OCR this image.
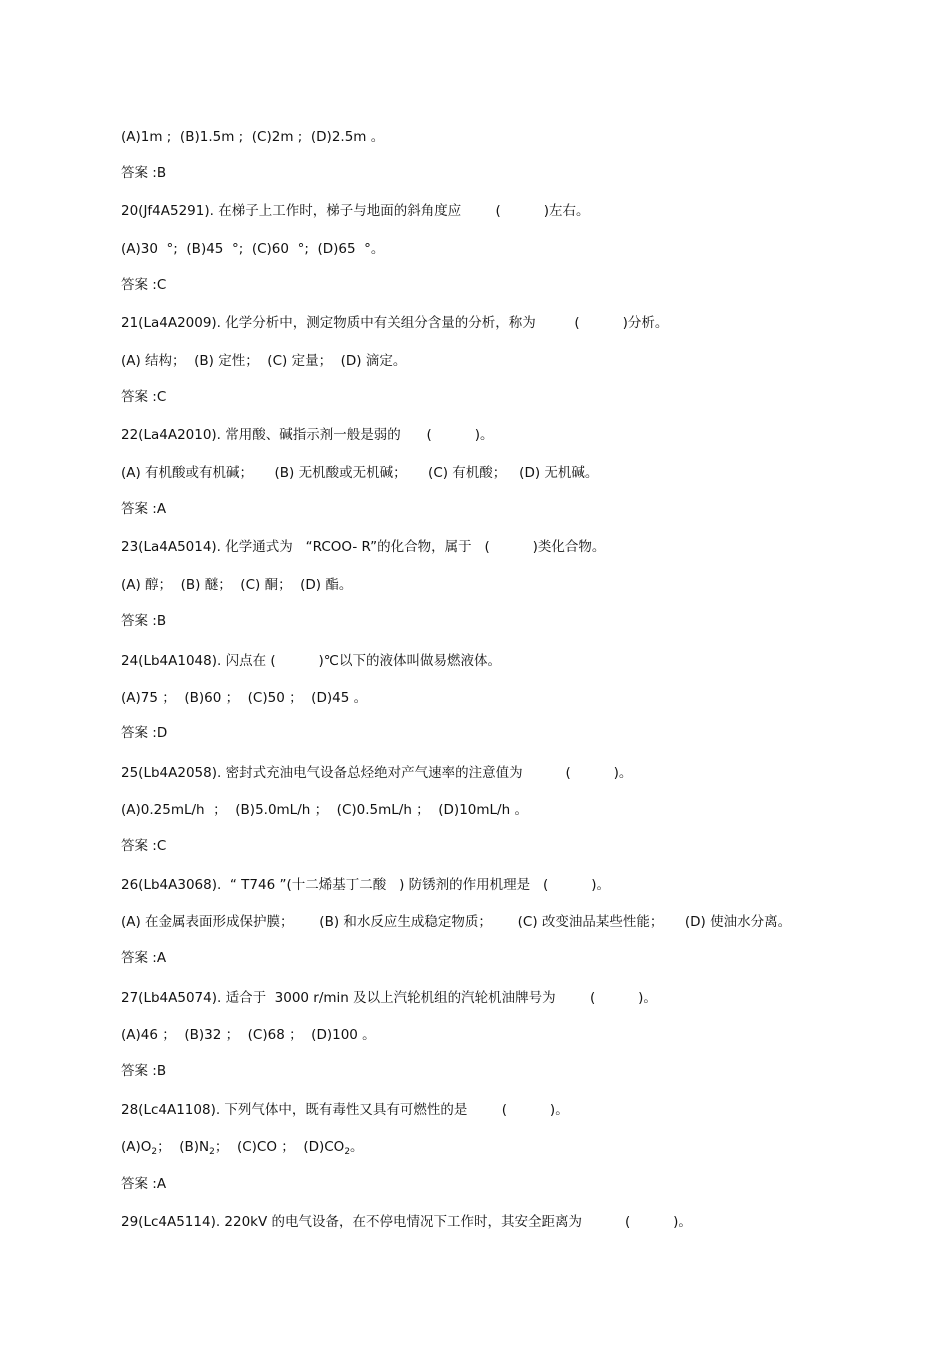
(A)1m ;  (B)1.5m ;  (C)2m ;  (D)2.5m 。
答案 :B
20(Jf4A5291). 在梯子上工作时，梯子与地面的斜角度应        (          )左右。
(A)30  °;  (B)45  °;  (C)60  °;  (D)65  °。
答案 :C
21(La4A2009). 化学分析中，测定物质中有关组分含量的分析，称为         (          )分析。
(A) 结构；  (B) 定性；  (C) 定量；  (D) 滴定。
答案 :C
22(La4A2010). 常用酸、碱指示剂一般是弱的      (          )。
(A) 有机酸或有机碱；     (B) 无机酸或无机碱；     (C) 有机酸；   (D) 无机碱。
答案 :A
23(La4A5014). 化学通式为   “RCOO- R”的化合物，属于   (          )类化合物。
(A) 醇；  (B) 醚；  (C) 酮；  (D) 酯。
答案 :B
24(Lb4A1048). 闪点在 (          )℃以下的液体叫做易燃液体。
(A)75 ；  (B)60 ；  (C)50 ；  (D)45 。
答案 :D
25(Lb4A2058). 密封式充油电气设备总烃绝对产气速率的注意值为          (          )。
(A)0.25mL/h  ；  (B)5.0mL/h ；  (C)0.5mL/h ；  (D)10mL/h 。
答案 :C
26(Lb4A3068).  “ T746 ”(十二烯基丁二酸   ) 防锈剂的作用机理是   (          )。
(A) 在金属表面形成保护膜；      (B) 和水反应生成稳定物质；      (C) 改变油品某些性能；     (D) 使油水分离。
答案 :A
27(Lb4A5074). 适合于  3000 r/min 及以上汽轮机组的汽轮机油牌号为        (          )。
(A)46 ；  (B)32 ；  (C)68 ；  (D)100 。
答案 :B
28(Lc4A1108). 下列气体中，既有毒性又具有可燃性的是        (          )。
$(A)O_2$；  $(B)N_2$；  (C)CO ；  $(D)CO_2$。
答案 :A
29(Lc4A5114). 220kV 的电气设备，在不停电情况下工作时，其安全距离为          (          )。
